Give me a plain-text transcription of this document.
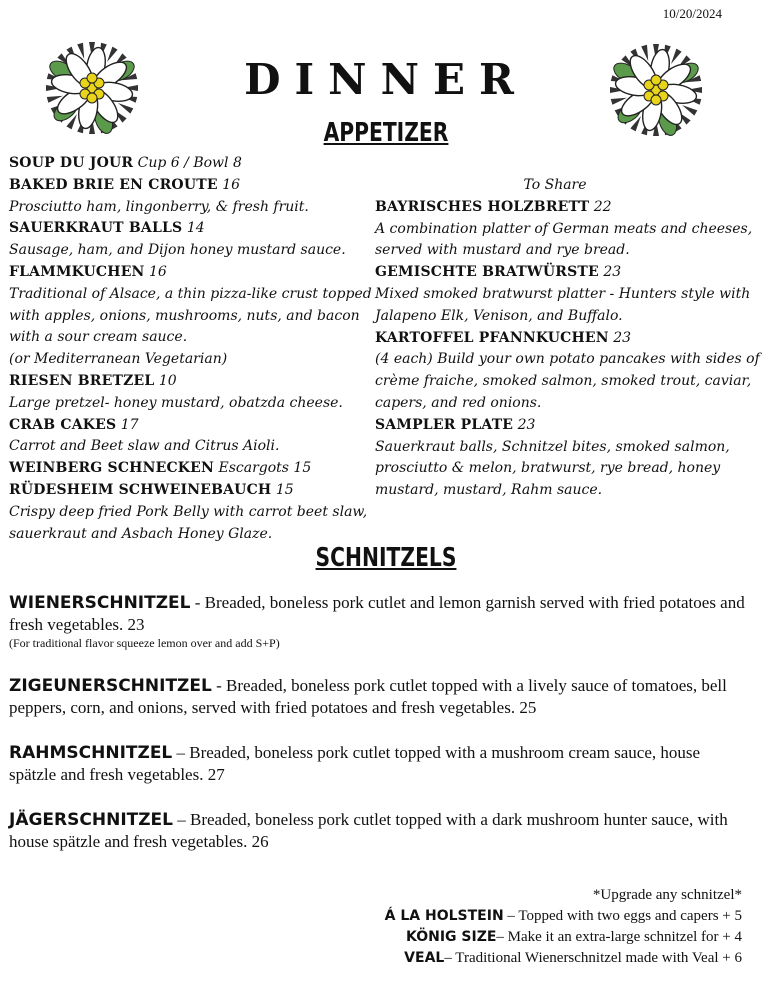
10/20/2024
DINNER
APPETIZER
SOUP DU JOUR Cup 6 / Bowl 8
BAKED BRIE EN CROUTE 16
Prosciutto ham, lingonberry, & fresh fruit.
SAUERKRAUT BALLS 14
Sausage, ham, and Dijon honey mustard sauce.
FLAMMKUCHEN 16
Traditional of Alsace, a thin pizza-like crust topped with apples, onions, mushrooms, nuts, and bacon with a sour cream sauce.
(or Mediterranean Vegetarian)
RIESEN BRETZEL 10
Large pretzel- honey mustard, obatzda cheese.
CRAB CAKES 17
Carrot and Beet slaw and Citrus Aioli.
WEINBERG SCHNECKEN Escargots 15
RÜDESHEIM SCHWEINEBAUCH 15
Crispy deep fried Pork Belly with carrot beet slaw, sauerkraut and Asbach Honey Glaze.
To Share
BAYRISCHES HOLZBRETT 22
A combination platter of German meats and cheeses, served with mustard and rye bread.
GEMISCHTE BRATWÜRSTE 23
Mixed smoked bratwurst platter - Hunters style with Jalapeno Elk, Venison, and Buffalo.
KARTOFFEL PFANNKUCHEN 23
(4 each) Build your own potato pancakes with sides of crème fraiche, smoked salmon, smoked trout, caviar, capers, and red onions.
SAMPLER PLATE 23
Sauerkraut balls, Schnitzel bites, smoked salmon, prosciutto & melon, bratwurst, rye bread, honey mustard, mustard, Rahm sauce.
SCHNITZELS
WIENERSCHNITZEL - Breaded, boneless pork cutlet and lemon garnish served with fried potatoes and fresh vegetables. 23
(For traditional flavor squeeze lemon over and add S+P)
ZIGEUNERSCHNITZEL - Breaded, boneless pork cutlet topped with a lively sauce of tomatoes, bell peppers, corn, and onions, served with fried potatoes and fresh vegetables. 25
RAHMSCHNITZEL – Breaded, boneless pork cutlet topped with a mushroom cream sauce, house spätzle and fresh vegetables. 27
JÄGERSCHNITZEL – Breaded, boneless pork cutlet topped with a dark mushroom hunter sauce, with house spätzle and fresh vegetables. 26
*Upgrade any schnitzel*
Á LA HOLSTEIN – Topped with two eggs and capers + 5
KÖNIG SIZE– Make it an extra-large schnitzel for + 4
VEAL– Traditional Wienerschnitzel made with Veal + 6
